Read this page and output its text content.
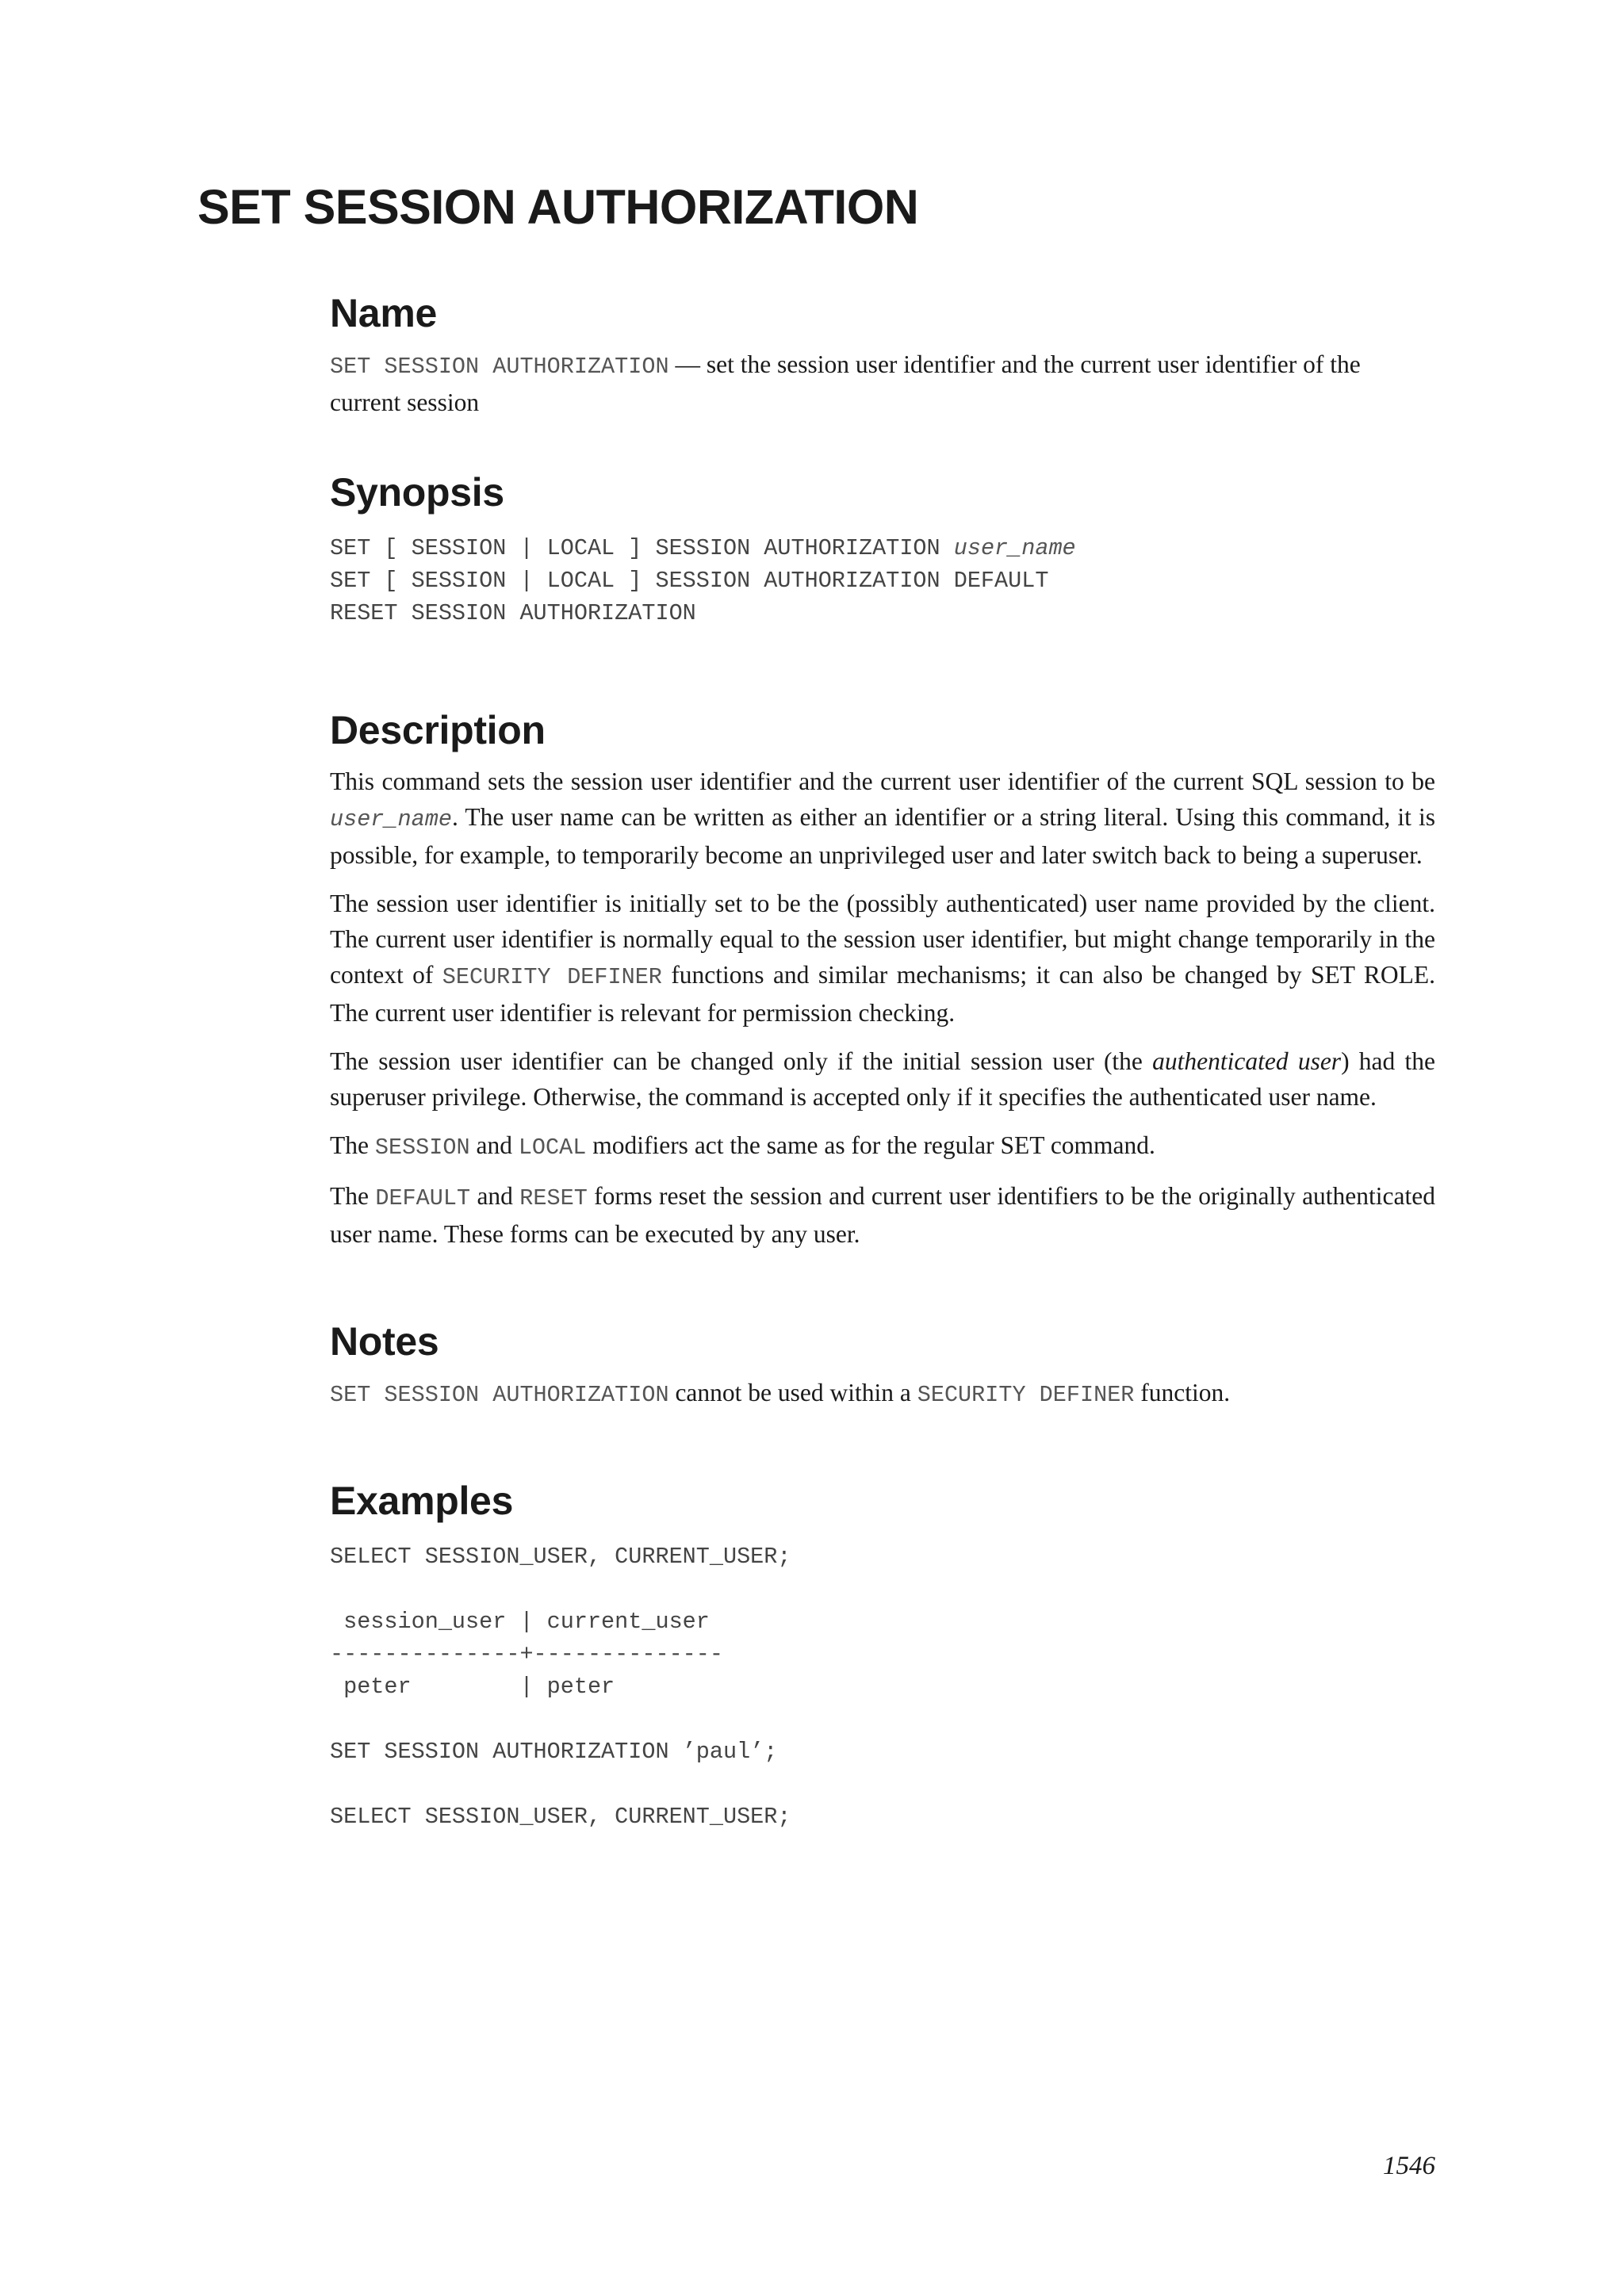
SET SESSION AUTHORIZATION
Name

SET SESSION AUTHORIZATION — set the session user identifier and the current user identifier of the current session

Synopsis
SET [ SESSION | LOCAL ] SESSION AUTHORIZATION user_name
SET [ SESSION | LOCAL ] SESSION AUTHORIZATION DEFAULT
RESET SESSION AUTHORIZATION
Description

This command sets the session user identifier and the current user identifier of the current SQL session to be user_name. The user name can be written as either an identifier or a string literal. Using this command, it is possible, for example, to temporarily become an unprivileged user and later switch back to being a superuser.

The session user identifier is initially set to be the (possibly authenticated) user name provided by the client. The current user identifier is normally equal to the session user identifier, but might change temporarily in the context of SECURITY DEFINER functions and similar mechanisms; it can also be changed by SET ROLE. The current user identifier is relevant for permission checking.

The session user identifier can be changed only if the initial session user (the authenticated user) had the superuser privilege. Otherwise, the command is accepted only if it specifies the authenticated user name.

The SESSION and LOCAL modifiers act the same as for the regular SET command.

The DEFAULT and RESET forms reset the session and current user identifiers to be the originally authenticated user name. These forms can be executed by any user.

Notes

SET SESSION AUTHORIZATION cannot be used within a SECURITY DEFINER function.

Examples
SELECT SESSION_USER, CURRENT_USER;

session_user | current_user
--------------+--------------
peter        | peter

SET SESSION AUTHORIZATION ’paul’;

SELECT SESSION_USER, CURRENT_USER;
1546
